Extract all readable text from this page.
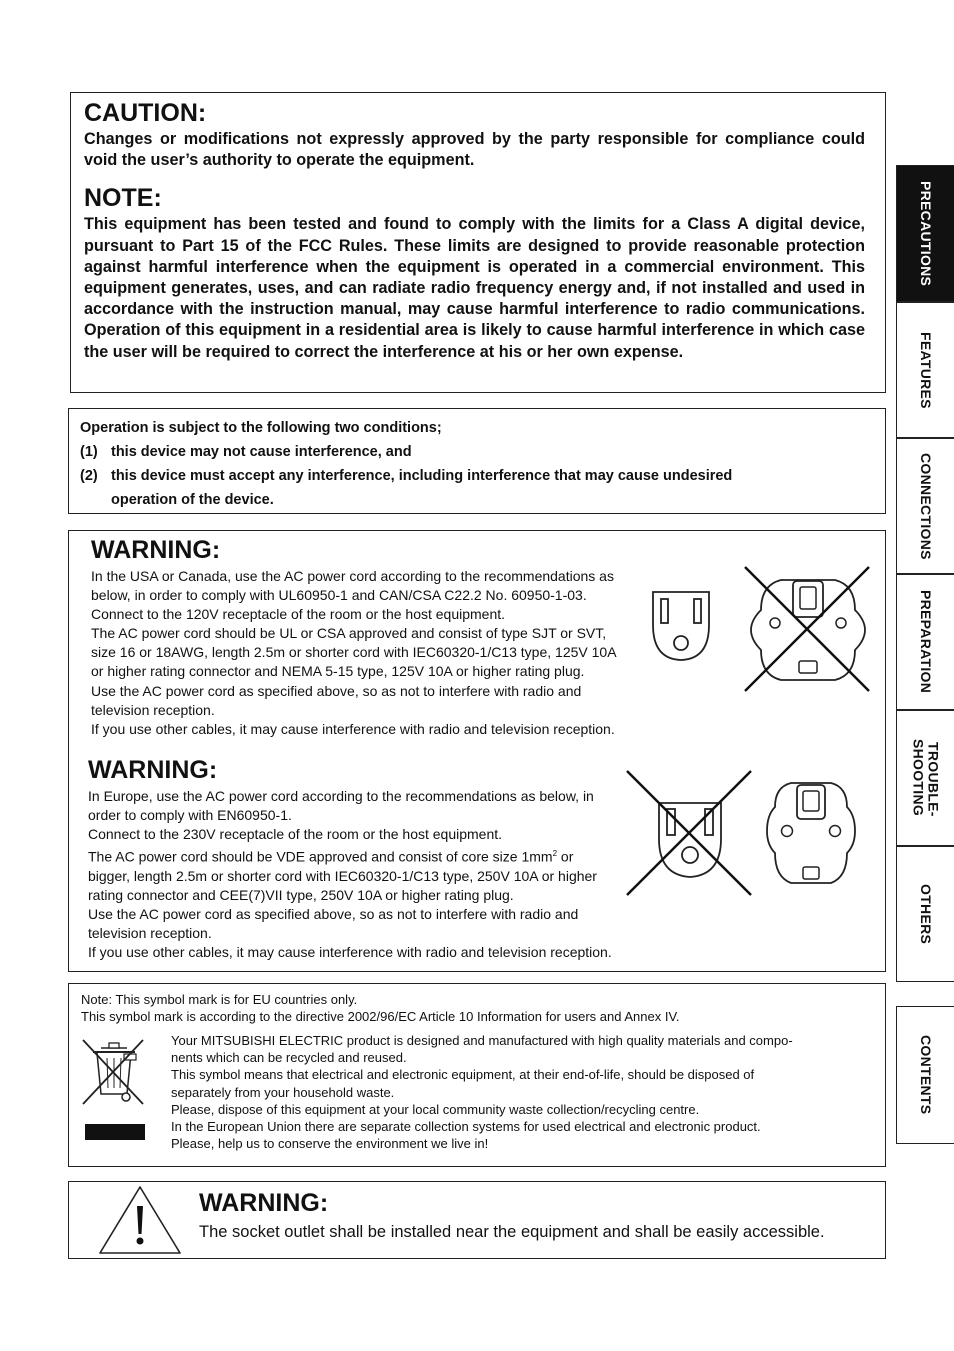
CAUTION:

Changes or modifications not expressly approved by the party responsible for compliance could void the user’s authority to operate the equipment.

NOTE:

This equipment has been tested and found to comply with the limits for a Class A digital device, pursuant to Part 15 of the FCC Rules. These limits are designed to provide reasonable protection against harmful interference when the equipment is operated in a commercial environment. This equipment generates, uses, and can radiate radio frequency energy and, if not installed and used in accordance with the instruction manual, may cause harmful interference to radio communications. Operation of this equipment in a residential area is likely to cause harmful interference in which case the user will be required to correct the interference at his or her own expense.

Operation is subject to the following two conditions;
(1) this device may not cause interference, and
(2) this device must accept any interference, including interference that may cause undesired
operation of the device.

WARNING:

In the USA or Canada, use the AC power cord according to the recommendations as
below, in order to comply with UL60950-1 and CAN/CSA C22.2 No. 60950-1-03.
Connect to the 120V receptacle of the room or the host equipment.
The AC power cord should be UL or CSA approved and consist of type SJT or SVT,
size 16 or 18AWG, length 2.5m or shorter cord with IEC60320-1/C13 type, 125V 10A
or higher rating connector and NEMA 5-15 type, 125V 10A or higher rating plug.
Use the AC power cord as specified above, so as not to interfere with radio and
television reception.
If you use other cables, it may cause interference with radio and television reception.

WARNING:

In Europe, use the AC power cord according to the recommendations as below, in
order to comply with EN60950-1.
Connect to the 230V receptacle of the room or the host equipment.
The AC power cord should be VDE approved and consist of core size $1mm^2$ or
bigger, length 2.5m or shorter cord with IEC60320-1/C13 type, 250V 10A or higher
rating connector and CEE(7)VII type, 250V 10A or higher rating plug.
Use the AC power cord as specified above, so as not to interfere with radio and
television reception.
If you use other cables, it may cause interference with radio and television reception.
Note: This symbol mark is for EU countries only.
This symbol mark is according to the directive 2002/96/EC Article 10 Information for users and Annex IV.
Your MITSUBISHI ELECTRIC product is designed and manufactured with high quality materials and compo-
nents which can be recycled and reused.
This symbol means that electrical and electronic equipment, at their end-of-life, should be disposed of
separately from your household waste.
Please, dispose of this equipment at your local community waste collection/recycling centre.
In the European Union there are separate collection systems for used electrical and electronic product.
Please, help us to conserve the environment we live in!

WARNING:

The socket outlet shall be installed near the equipment and shall be easily accessible.
PRECAUTIONS
FEATURES
CONNECTIONS
PREPARATION
TROUBLE-
SHOOTING
OTHERS
CONTENTS
